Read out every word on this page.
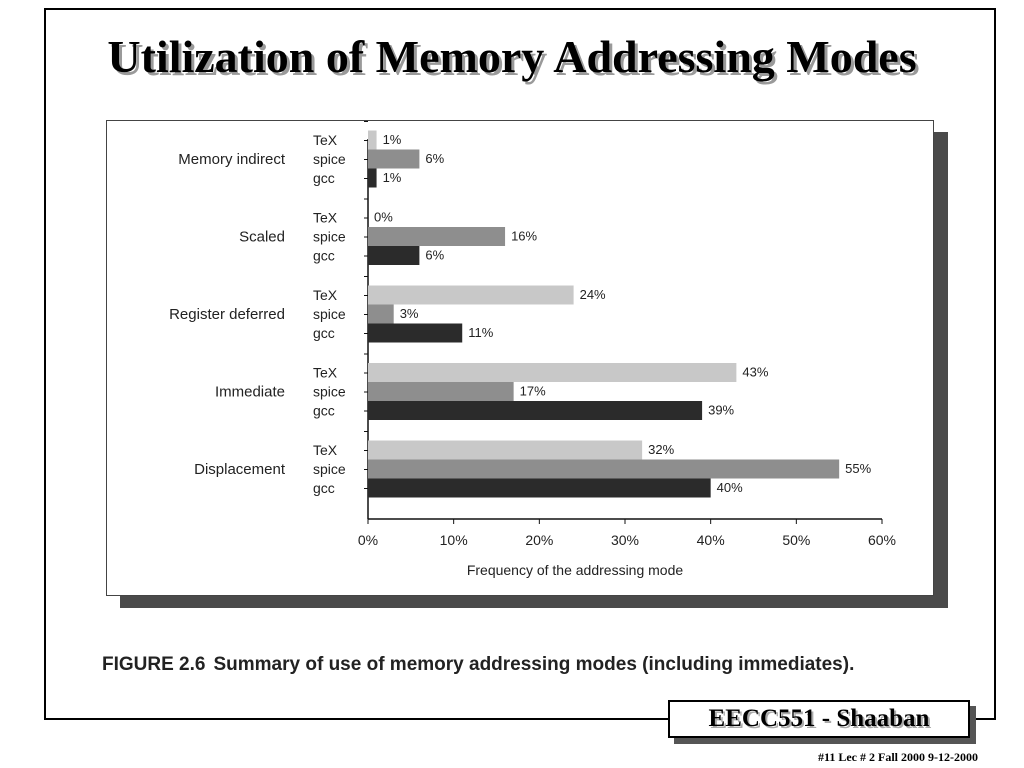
Utilization of Memory Addressing Modes
0%	10%	20%	30%	40%	50%	60%
Frequency of the addressing mode
Memory indirect
TeX	1%
spice	6%
gcc	1%
Scaled
TeX	0%
spice	16%
gcc	6%
Register deferred
TeX	24%
spice	3%
gcc	11%
Immediate
TeX	43%
spice	17%
gcc	39%
Displacement
TeX	32%
spice	55%
gcc	40%
FIGURE 2.6 Summary of use of memory addressing modes (including immediates).
EECC551 - Shaaban
#11 Lec # 2 Fall 2000 9-12-2000
